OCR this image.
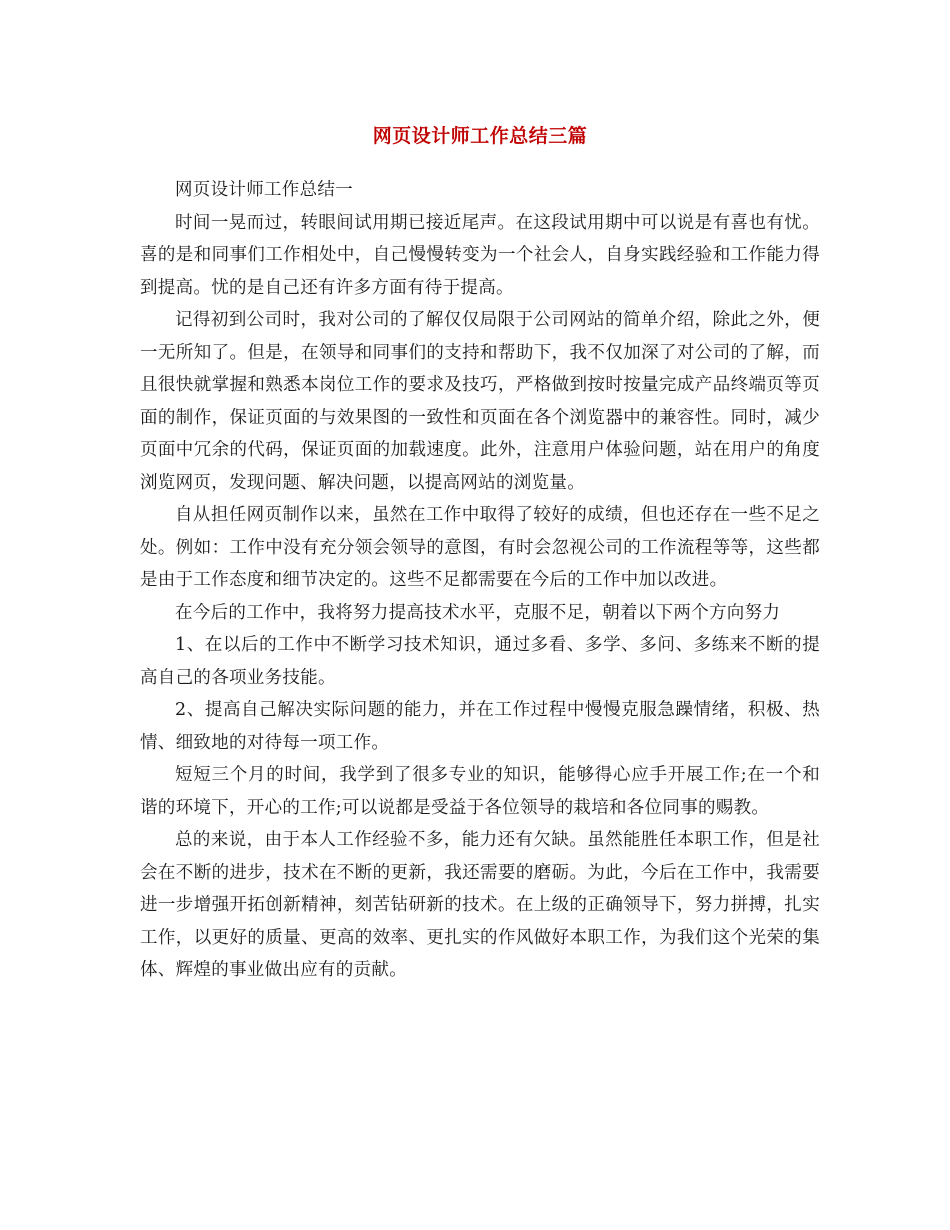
网页设计师工作总结三篇

网页设计师工作总结一

时间一晃而过，转眼间试用期已接近尾声。在这段试用期中可以说是有喜也有忧。喜的是和同事们工作相处中，自己慢慢转变为一个社会人，自身实践经验和工作能力得到提高。忧的是自己还有许多方面有待于提高。

记得初到公司时，我对公司的了解仅仅局限于公司网站的简单介绍，除此之外，便一无所知了。但是，在领导和同事们的支持和帮助下，我不仅加深了对公司的了解，而且很快就掌握和熟悉本岗位工作的要求及技巧，严格做到按时按量完成产品终端页等页面的制作，保证页面的与效果图的一致性和页面在各个浏览器中的兼容性。同时，减少页面中冗余的代码，保证页面的加载速度。此外，注意用户体验问题，站在用户的角度浏览网页，发现问题、解决问题，以提高网站的浏览量。

自从担任网页制作以来，虽然在工作中取得了较好的成绩，但也还存在一些不足之处。例如：工作中没有充分领会领导的意图，有时会忽视公司的工作流程等等，这些都是由于工作态度和细节决定的。这些不足都需要在今后的工作中加以改进。

在今后的工作中，我将努力提高技术水平，克服不足，朝着以下两个方向努力

1、在以后的工作中不断学习技术知识，通过多看、多学、多问、多练来不断的提高自己的各项业务技能。

2、提高自己解决实际问题的能力，并在工作过程中慢慢克服急躁情绪，积极、热情、细致地的对待每一项工作。

短短三个月的时间，我学到了很多专业的知识，能够得心应手开展工作;在一个和谐的环境下，开心的工作;可以说都是受益于各位领导的栽培和各位同事的赐教。

总的来说，由于本人工作经验不多，能力还有欠缺。虽然能胜任本职工作，但是社会在不断的进步，技术在不断的更新，我还需要的磨砺。为此，今后在工作中，我需要进一步增强开拓创新精神，刻苦钻研新的技术。在上级的正确领导下，努力拼搏，扎实工作，以更好的质量、更高的效率、更扎实的作风做好本职工作，为我们这个光荣的集体、辉煌的事业做出应有的贡献。
